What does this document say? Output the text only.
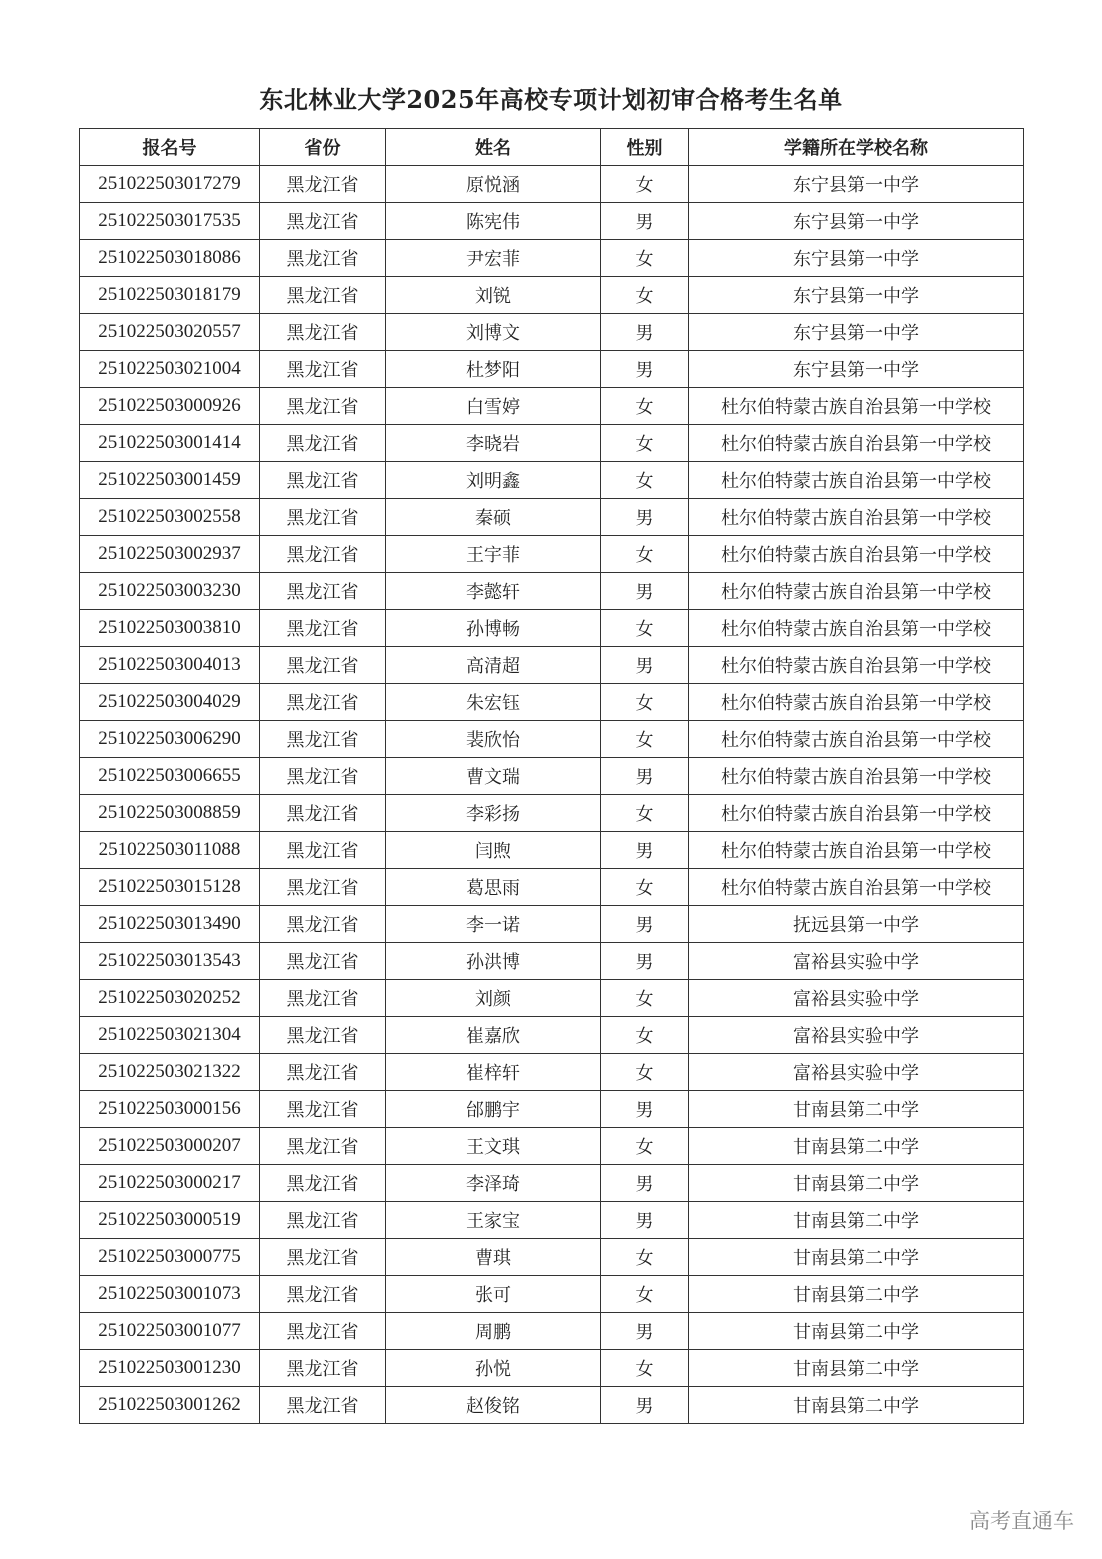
东北林业大学2025年高校专项计划初审合格考生名单
报名号	省份	姓名	性别	学籍所在学校名称
251022503017279	黑龙江省	原悦涵	女	东宁县第一中学
251022503017535	黑龙江省	陈宪伟	男	东宁县第一中学
251022503018086	黑龙江省	尹宏菲	女	东宁县第一中学
251022503018179	黑龙江省	刘锐	女	东宁县第一中学
251022503020557	黑龙江省	刘博文	男	东宁县第一中学
251022503021004	黑龙江省	杜梦阳	男	东宁县第一中学
251022503000926	黑龙江省	白雪婷	女	杜尔伯特蒙古族自治县第一中学校
251022503001414	黑龙江省	李晓岩	女	杜尔伯特蒙古族自治县第一中学校
251022503001459	黑龙江省	刘明鑫	女	杜尔伯特蒙古族自治县第一中学校
251022503002558	黑龙江省	秦硕	男	杜尔伯特蒙古族自治县第一中学校
251022503002937	黑龙江省	王宇菲	女	杜尔伯特蒙古族自治县第一中学校
251022503003230	黑龙江省	李懿轩	男	杜尔伯特蒙古族自治县第一中学校
251022503003810	黑龙江省	孙博畅	女	杜尔伯特蒙古族自治县第一中学校
251022503004013	黑龙江省	高清超	男	杜尔伯特蒙古族自治县第一中学校
251022503004029	黑龙江省	朱宏钰	女	杜尔伯特蒙古族自治县第一中学校
251022503006290	黑龙江省	裴欣怡	女	杜尔伯特蒙古族自治县第一中学校
251022503006655	黑龙江省	曹文瑞	男	杜尔伯特蒙古族自治县第一中学校
251022503008859	黑龙江省	李彩扬	女	杜尔伯特蒙古族自治县第一中学校
251022503011088	黑龙江省	闫煦	男	杜尔伯特蒙古族自治县第一中学校
251022503015128	黑龙江省	葛思雨	女	杜尔伯特蒙古族自治县第一中学校
251022503013490	黑龙江省	李一诺	男	抚远县第一中学
251022503013543	黑龙江省	孙洪博	男	富裕县实验中学
251022503020252	黑龙江省	刘颜	女	富裕县实验中学
251022503021304	黑龙江省	崔嘉欣	女	富裕县实验中学
251022503021322	黑龙江省	崔梓轩	女	富裕县实验中学
251022503000156	黑龙江省	邰鹏宇	男	甘南县第二中学
251022503000207	黑龙江省	王文琪	女	甘南县第二中学
251022503000217	黑龙江省	李泽琦	男	甘南县第二中学
251022503000519	黑龙江省	王家宝	男	甘南县第二中学
251022503000775	黑龙江省	曹琪	女	甘南县第二中学
251022503001073	黑龙江省	张可	女	甘南县第二中学
251022503001077	黑龙江省	周鹏	男	甘南县第二中学
251022503001230	黑龙江省	孙悦	女	甘南县第二中学
251022503001262	黑龙江省	赵俊铭	男	甘南县第二中学
高考直通车
